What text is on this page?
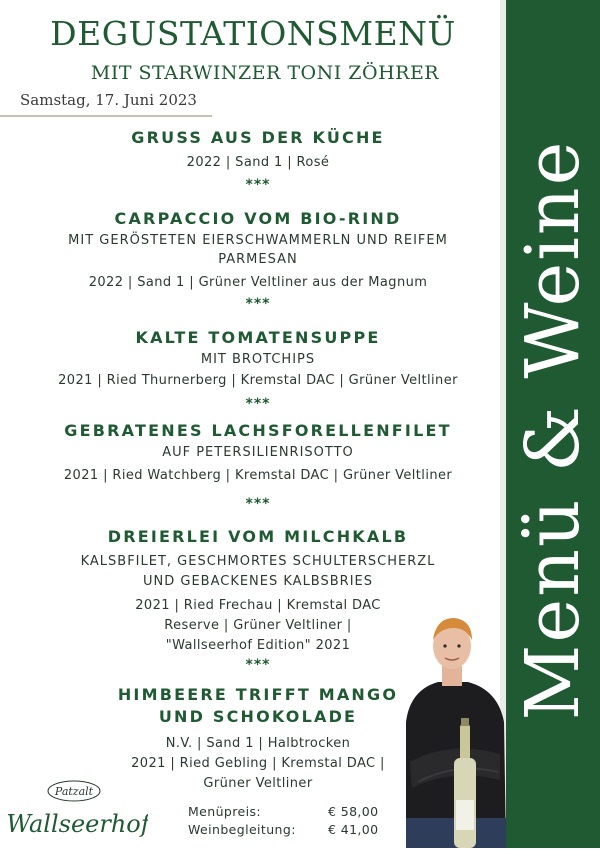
Menü & Weine
DEGUSTATIONSMENÜ
MIT STARWINZER TONI ZÖHRER
Samstag, 17. Juni 2023
GRUSS AUS DER KÜCHE
2022 | Sand 1 | Rosé
***
CARPACCIO VOM BIO-RIND
MIT GERÖSTETEN EIERSCHWAMMERLN UND REIFEM
PARMESAN
2022 | Sand 1 | Grüner Veltliner aus der Magnum
***
KALTE TOMATENSUPPE
MIT BROTCHIPS
2021 | Ried Thurnerberg | Kremstal DAC | Grüner Veltliner
***
GEBRATENES LACHSFORELLENFILET
AUF PETERSILIENRISOTTO
2021 | Ried Watchberg | Kremstal DAC | Grüner Veltliner
***
DREIERLEI VOM MILCHKALB
KALSBFILET, GESCHMORTES SCHULTERSCHERZL
UND GEBACKENES KALBSBRIES
2021 | Ried Frechau | Kremstal DAC
Reserve | Grüner Veltliner |
"Wallseerhof Edition" 2021
***
HIMBEERE TRIFFT MANGO
UND SCHOKOLADE
N.V. | Sand 1 | Halbtrocken
2021 | Ried Gebling | Kremstal DAC |
Grüner Veltliner
Patzalt
Wallseerhof	Menüpreis:	€ 58,00
Weinbegleitung:	€ 41,00
